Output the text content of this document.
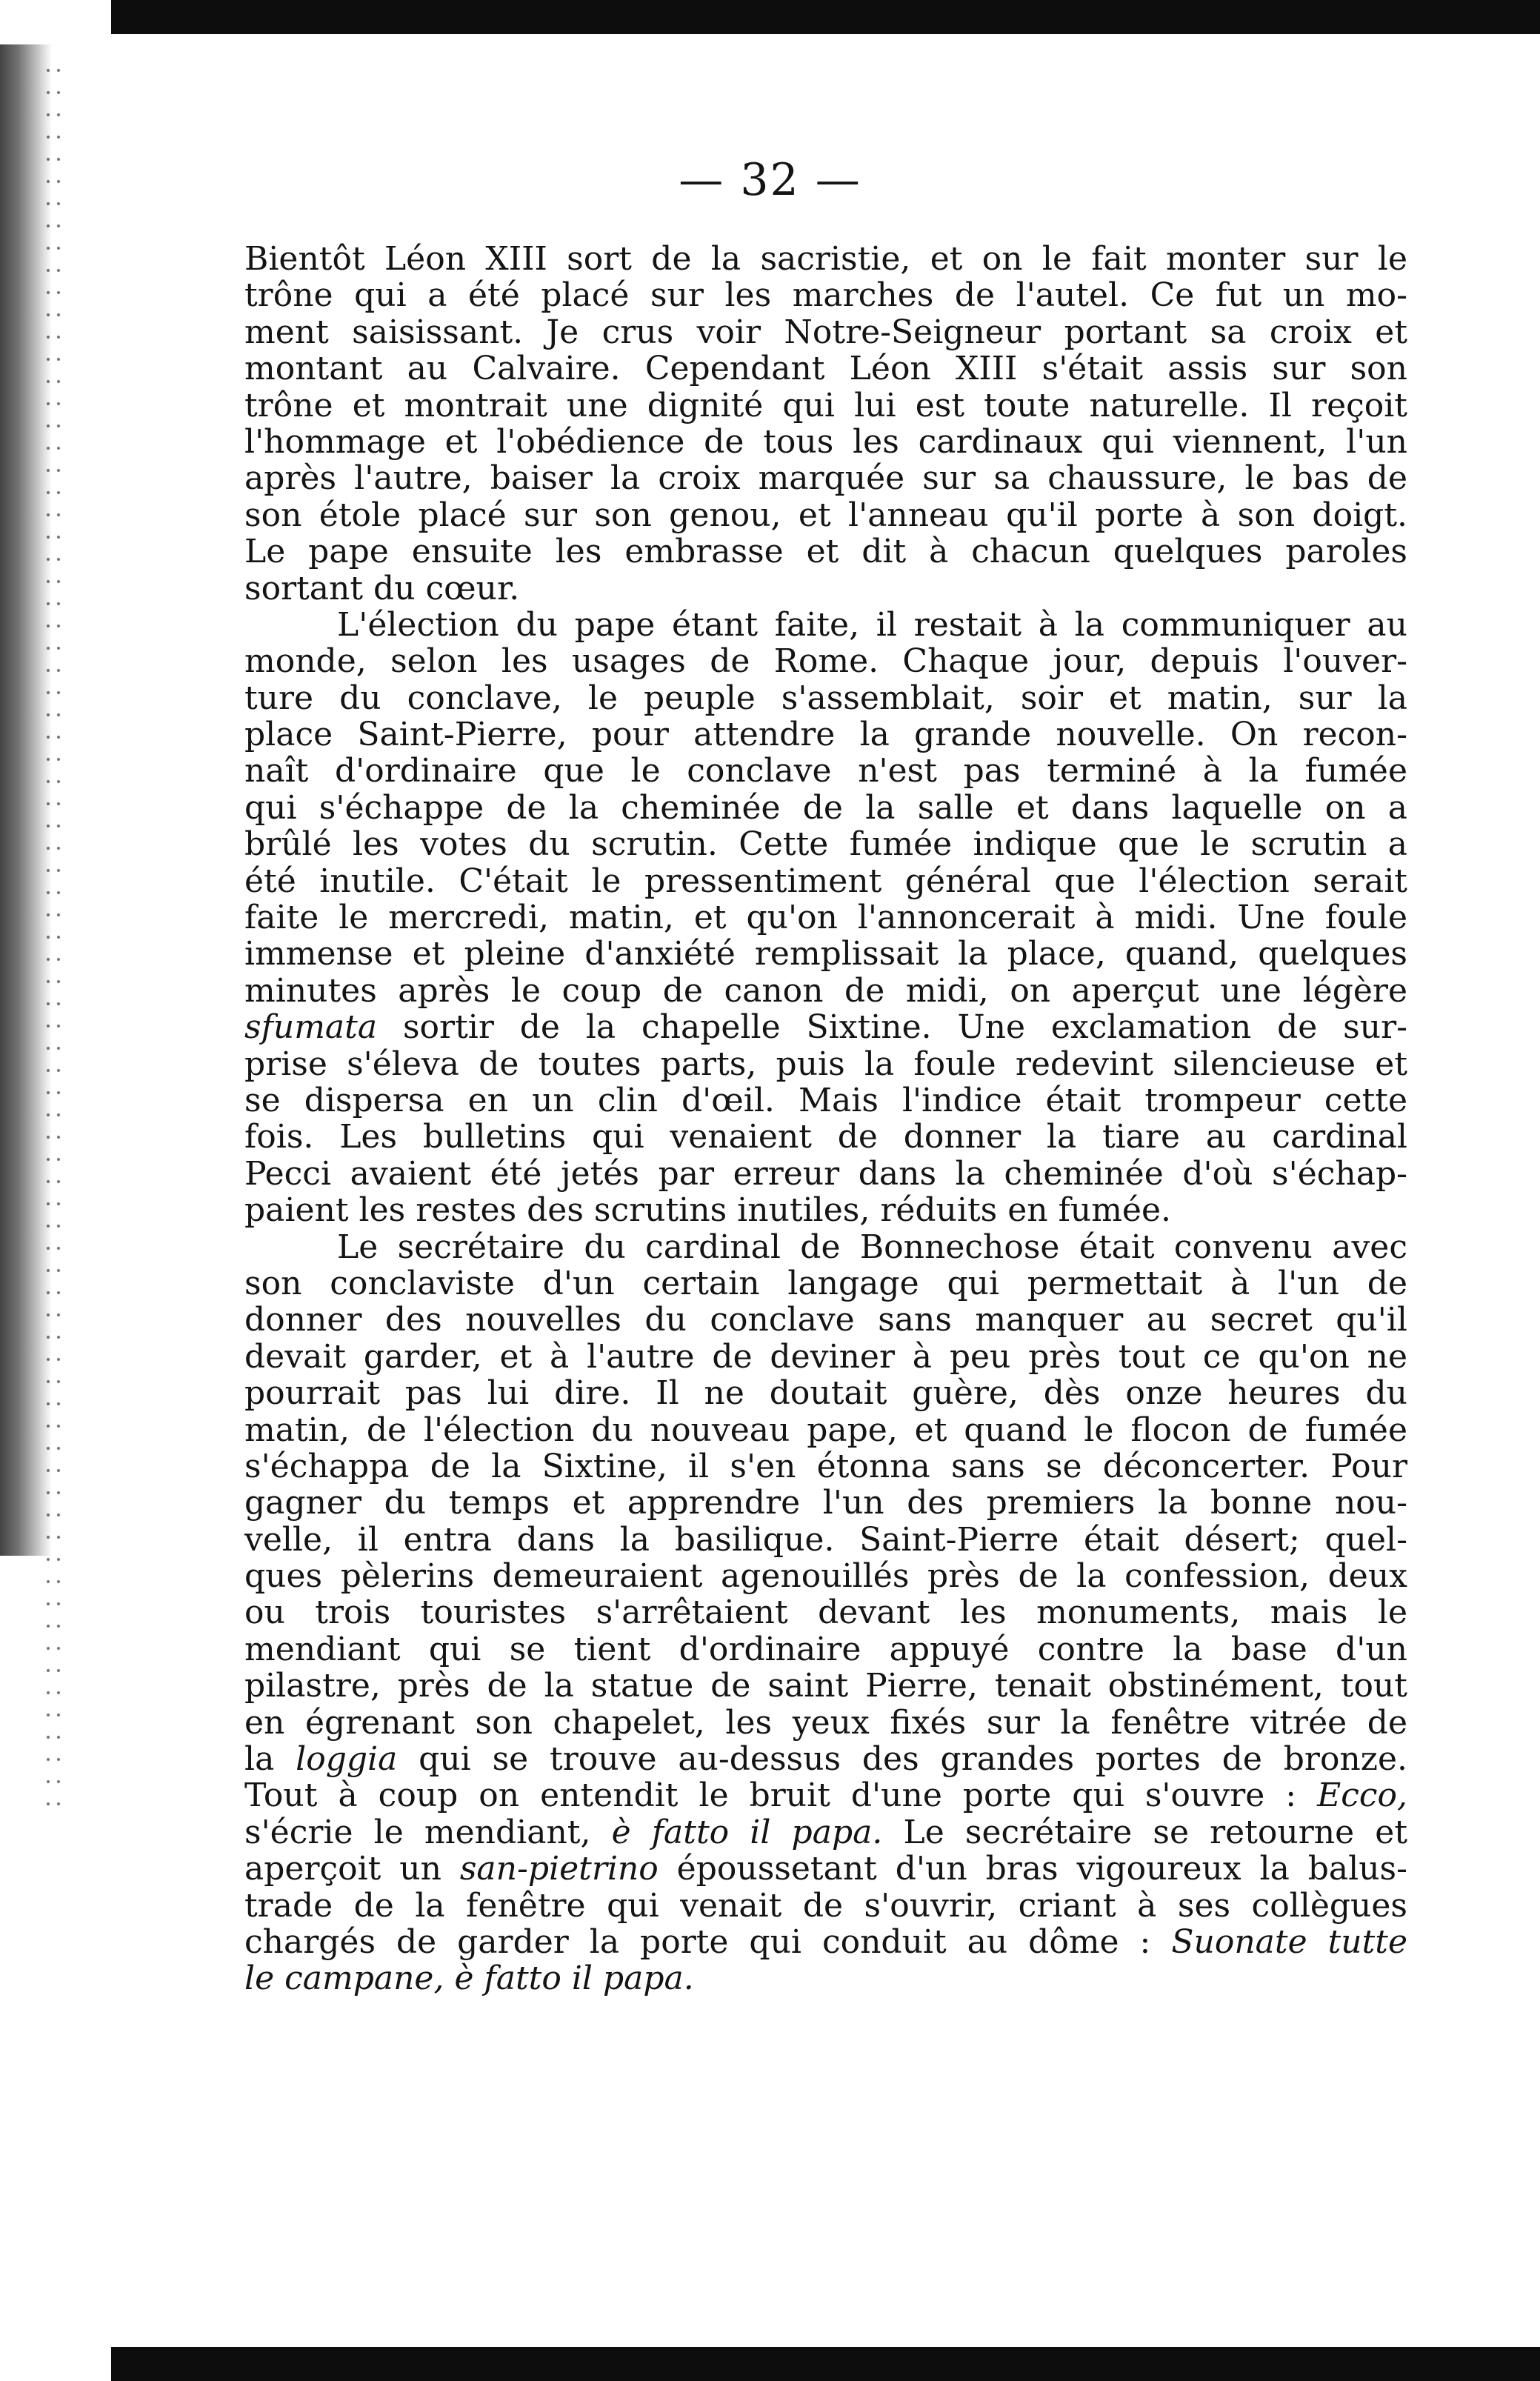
— 32 —
Bientôt Léon XIII sort de la sacristie, et on le fait monter sur le
trône qui a été placé sur les marches de l'autel. Ce fut un mo-
ment saisissant. Je crus voir Notre-Seigneur portant sa croix et
montant au Calvaire. Cependant Léon XIII s'était assis sur son
trône et montrait une dignité qui lui est toute naturelle. Il reçoit
l'hommage et l'obédience de tous les cardinaux qui viennent, l'un
après l'autre, baiser la croix marquée sur sa chaussure, le bas de
son étole placé sur son genou, et l'anneau qu'il porte à son doigt.
Le pape ensuite les embrasse et dit à chacun quelques paroles
sortant du cœur.
L'élection du pape étant faite, il restait à la communiquer au
monde, selon les usages de Rome. Chaque jour, depuis l'ouver-
ture du conclave, le peuple s'assemblait, soir et matin, sur la
place Saint-Pierre, pour attendre la grande nouvelle. On recon-
naît d'ordinaire que le conclave n'est pas terminé à la fumée
qui s'échappe de la cheminée de la salle et dans laquelle on a
brûlé les votes du scrutin. Cette fumée indique que le scrutin a
été inutile. C'était le pressentiment général que l'élection serait
faite le mercredi, matin, et qu'on l'annoncerait à midi. Une foule
immense et pleine d'anxiété remplissait la place, quand, quelques
minutes après le coup de canon de midi, on aperçut une légère
sfumata sortir de la chapelle Sixtine. Une exclamation de sur-
prise s'éleva de toutes parts, puis la foule redevint silencieuse et
se dispersa en un clin d'œil. Mais l'indice était trompeur cette
fois. Les bulletins qui venaient de donner la tiare au cardinal
Pecci avaient été jetés par erreur dans la cheminée d'où s'échap-
paient les restes des scrutins inutiles, réduits en fumée.
Le secrétaire du cardinal de Bonnechose était convenu avec
son conclaviste d'un certain langage qui permettait à l'un de
donner des nouvelles du conclave sans manquer au secret qu'il
devait garder, et à l'autre de deviner à peu près tout ce qu'on ne
pourrait pas lui dire. Il ne doutait guère, dès onze heures du
matin, de l'élection du nouveau pape, et quand le flocon de fumée
s'échappa de la Sixtine, il s'en étonna sans se déconcerter. Pour
gagner du temps et apprendre l'un des premiers la bonne nou-
velle, il entra dans la basilique. Saint-Pierre était désert; quel-
ques pèlerins demeuraient agenouillés près de la confession, deux
ou trois touristes s'arrêtaient devant les monuments, mais le
mendiant qui se tient d'ordinaire appuyé contre la base d'un
pilastre, près de la statue de saint Pierre, tenait obstinément, tout
en égrenant son chapelet, les yeux fixés sur la fenêtre vitrée de
la loggia qui se trouve au-dessus des grandes portes de bronze.
Tout à coup on entendit le bruit d'une porte qui s'ouvre : Ecco,
s'écrie le mendiant, è fatto il papa. Le secrétaire se retourne et
aperçoit un san-pietrino époussetant d'un bras vigoureux la balus-
trade de la fenêtre qui venait de s'ouvrir, criant à ses collègues
chargés de garder la porte qui conduit au dôme : Suonate tutte
le campane, è fatto il papa.
